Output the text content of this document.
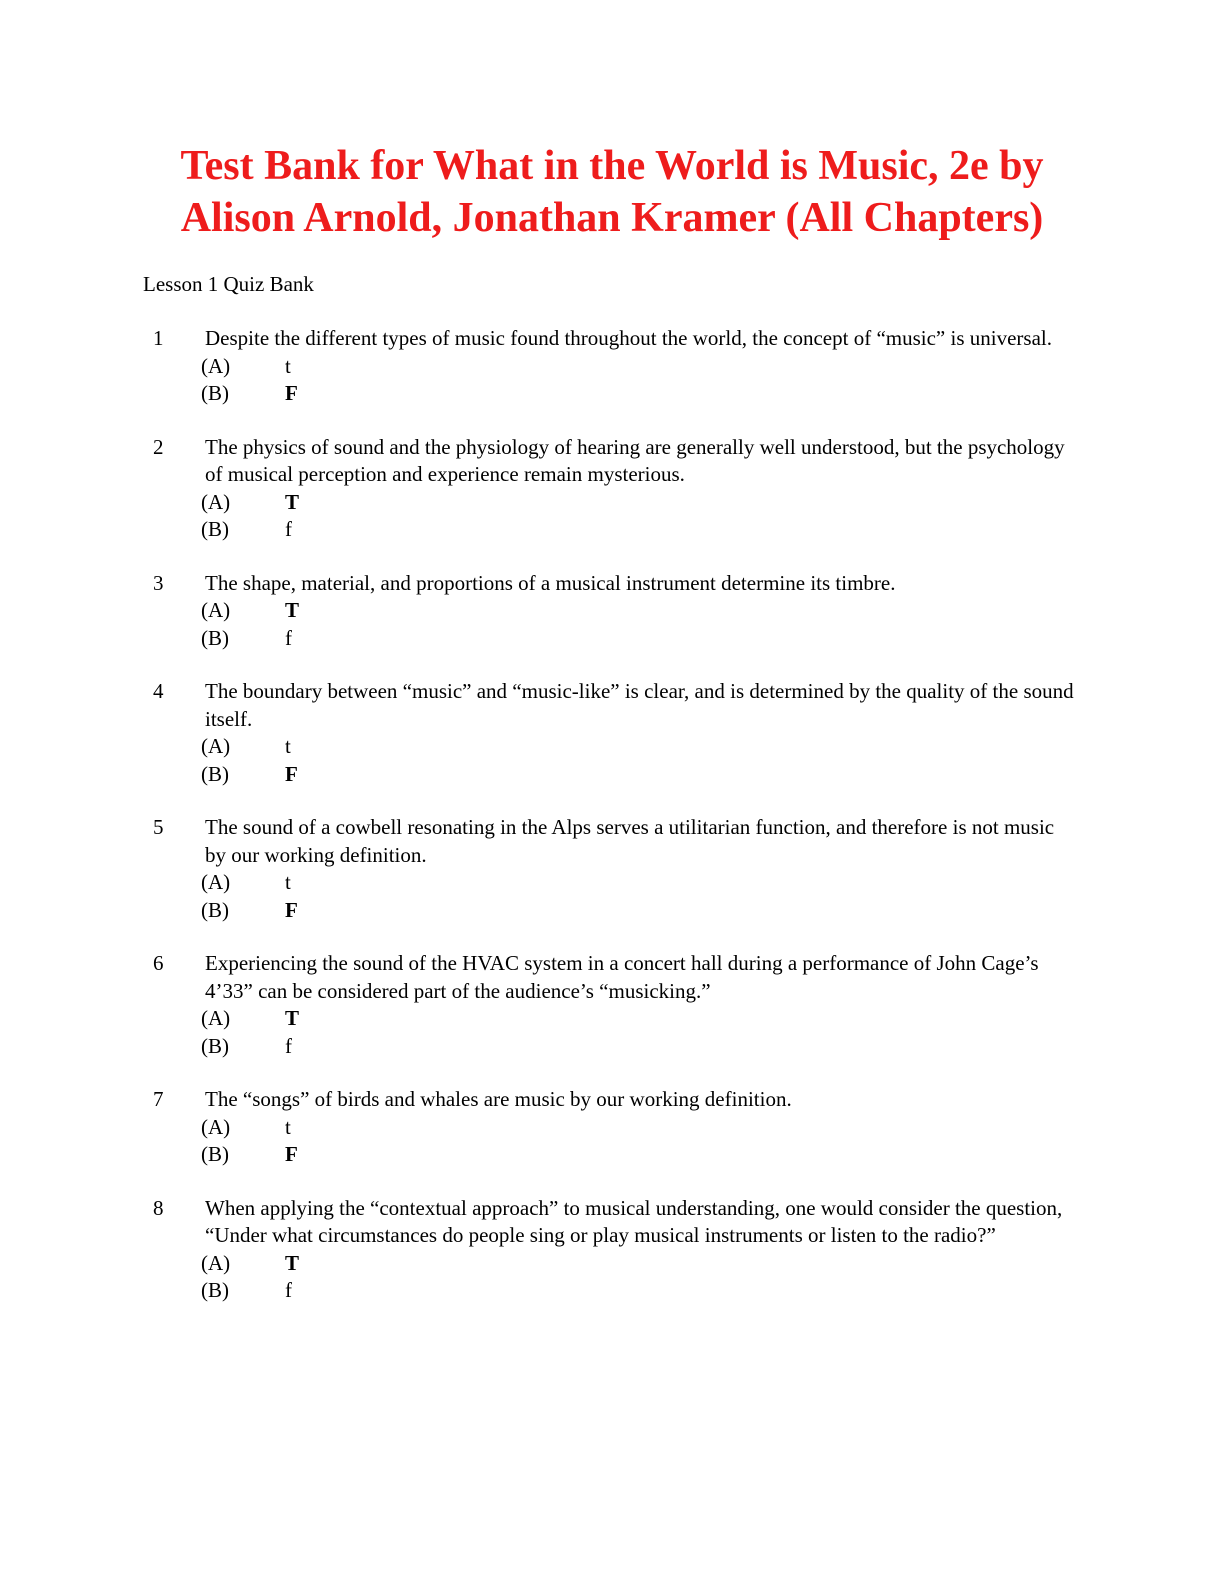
Test Bank for What in the World is Music, 2e by
Alison Arnold, Jonathan Kramer (All Chapters)
Lesson 1 Quiz Bank
1 Despite the different types of music found throughout the world, the concept of “music” is universal.
(A)	t
(B)	F
2 The physics of sound and the physiology of hearing are generally well understood, but the psychology of musical perception and experience remain mysterious.
(A)	T
(B)	f
3 The shape, material, and proportions of a musical instrument determine its timbre.
(A)	T
(B)	f
4 The boundary between “music” and “music-like” is clear, and is determined by the quality of the sound itself.
(A)	t
(B)	F
5 The sound of a cowbell resonating in the Alps serves a utilitarian function, and therefore is not music by our working definition.
(A)	t
(B)	F
6 Experiencing the sound of the HVAC system in a concert hall during a performance of John Cage’s 4’33” can be considered part of the audience’s “musicking.”
(A)	T
(B)	f
7 The “songs” of birds and whales are music by our working definition.
(A)	t
(B)	F
8 When applying the “contextual approach” to musical understanding, one would consider the question, “Under what circumstances do people sing or play musical instruments or listen to the radio?”
(A)	T
(B)	f
